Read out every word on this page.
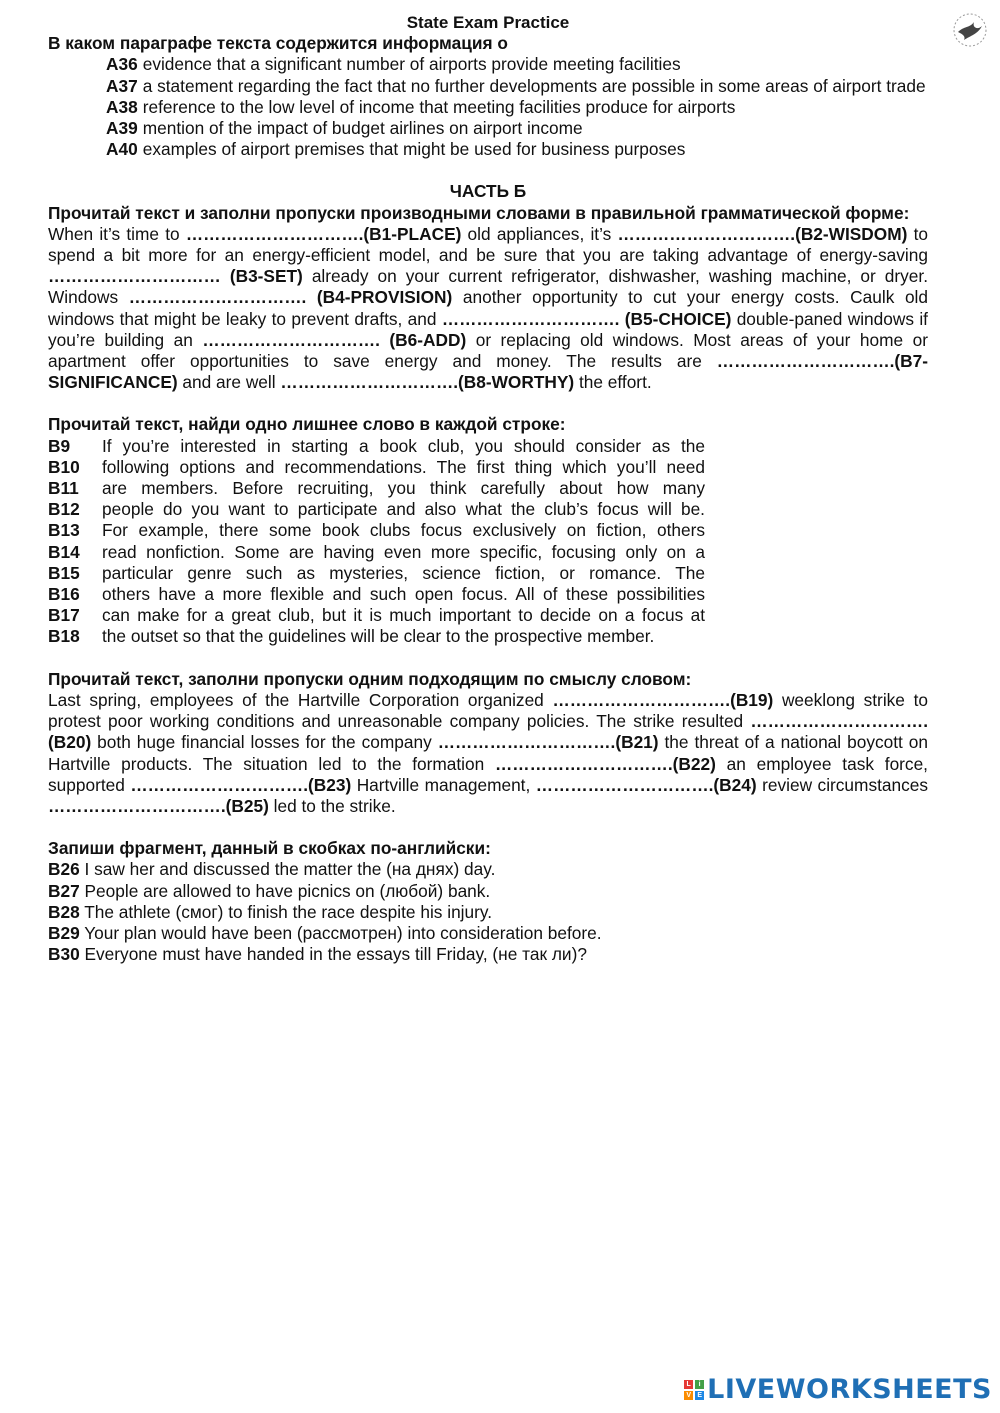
State Exam Practice
В каком параграфе текста содержится информация о
A36 evidence that a significant number of airports provide meeting facilities
A37 a statement regarding the fact that no further developments are possible in some areas of airport trade
A38 reference to the low level of income that meeting facilities produce for airports
A39 mention of the impact of budget airlines on airport income
A40 examples of airport premises that might be used for business purposes
ЧАСТЬ Б
Прочитай текст и заполни пропуски производными словами в правильной грамматической форме:
When it’s time to ………………………….(B1-PLACE) old appliances, it’s ………………………….(B2-WISDOM) to spend a bit more for an energy-efficient model, and be sure that you are taking advantage of energy-saving ………………………… (B3-SET) already on your current refrigerator, dishwasher, washing machine, or dryer. Windows …………………………. (B4-PROVISION) another opportunity to cut your energy costs. Caulk old windows that might be leaky to prevent drafts, and …………………………. (B5-CHOICE) double-paned windows if you’re building an …………………………. (B6-ADD) or replacing old windows. Most areas of your home or apartment offer opportunities to save energy and money. The results are ………………………….(B7-SIGNIFICANCE) and are well ………………………….(B8-WORTHY) the effort.
Прочитай текст, найди одно лишнее слово в каждой строке:
B9	If you’re interested in starting a book club, you should consider as the
B10	following options and recommendations. The first thing which you’ll need
B11	are members. Before recruiting, you think carefully about how many
B12	people do you want to participate and also what the club’s focus will be.
B13	For example, there some book clubs focus exclusively on fiction, others
B14	read nonfiction. Some are having even more specific, focusing only on a
B15	particular genre such as mysteries, science fiction, or romance. The
B16	others have a more flexible and such open focus. All of these possibilities
B17	can make for a great club, but it is much important to decide on a focus at
B18	the outset so that the guidelines will be clear to the prospective member.
Прочитай текст, заполни пропуски одним подходящим по смыслу словом:
Last spring, employees of the Hartville Corporation organized ………………………….(B19) weeklong strike to protest poor working conditions and unreasonable company policies. The strike resulted ………………………….(B20) both huge financial losses for the company ………………………….(B21) the threat of a national boycott on Hartville products. The situation led to the formation ………………………….(B22) an employee task force, supported ………………………….(B23) Hartville management, ………………………….(B24) review circumstances ………………………….(B25) led to the strike.
Запиши фрагмент, данный в скобках по-английски:
B26 I saw her and discussed the matter the (на днях) day.
B27 People are allowed to have picnics on (любой) bank.
B28 The athlete (смог) to finish the race despite his injury.
B29 Your plan would have been (рассмотрен) into consideration before.
B30 Everyone must have handed in the essays till Friday, (не так ли)?
L	i
V E LIVEWORKSHEETS
